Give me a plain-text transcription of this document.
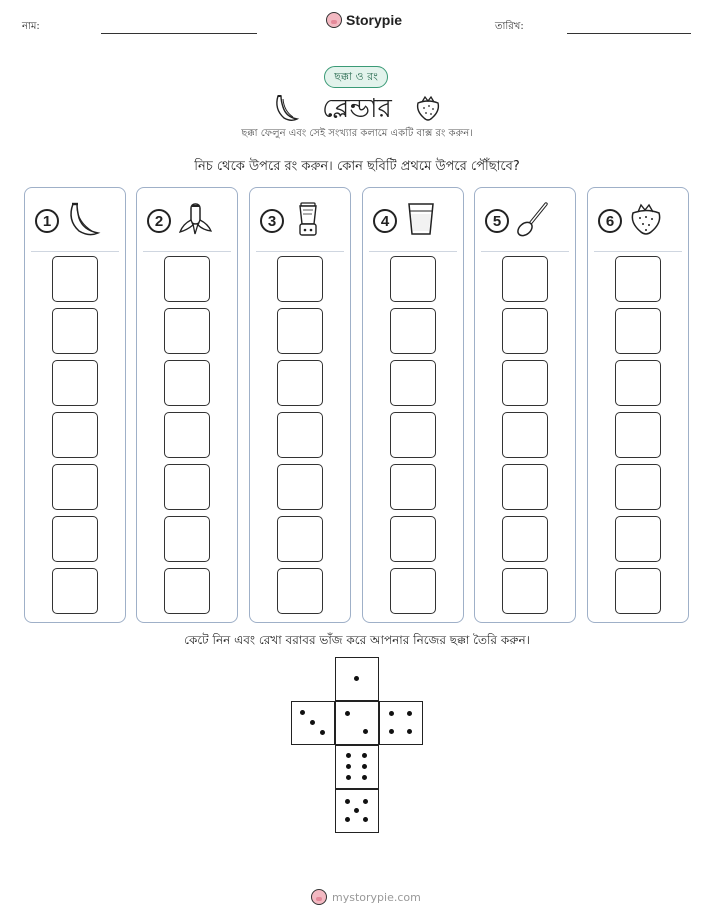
নাম:	Storypie	তারিখ:
ছক্কা ও রং
ব্লেন্ডার
ছক্কা ফেলুন এবং সেই সংখ্যার কলামে একটি বাক্স রং করুন।
নিচ থেকে উপরে রং করুন। কোন ছবিটি প্রথমে উপরে পৌঁছাবে?
1	2	3	4	5	6
কেটে নিন এবং রেখা বরাবর ভাঁজ করে আপনার নিজের ছক্কা তৈরি করুন।
mystorypie.com
